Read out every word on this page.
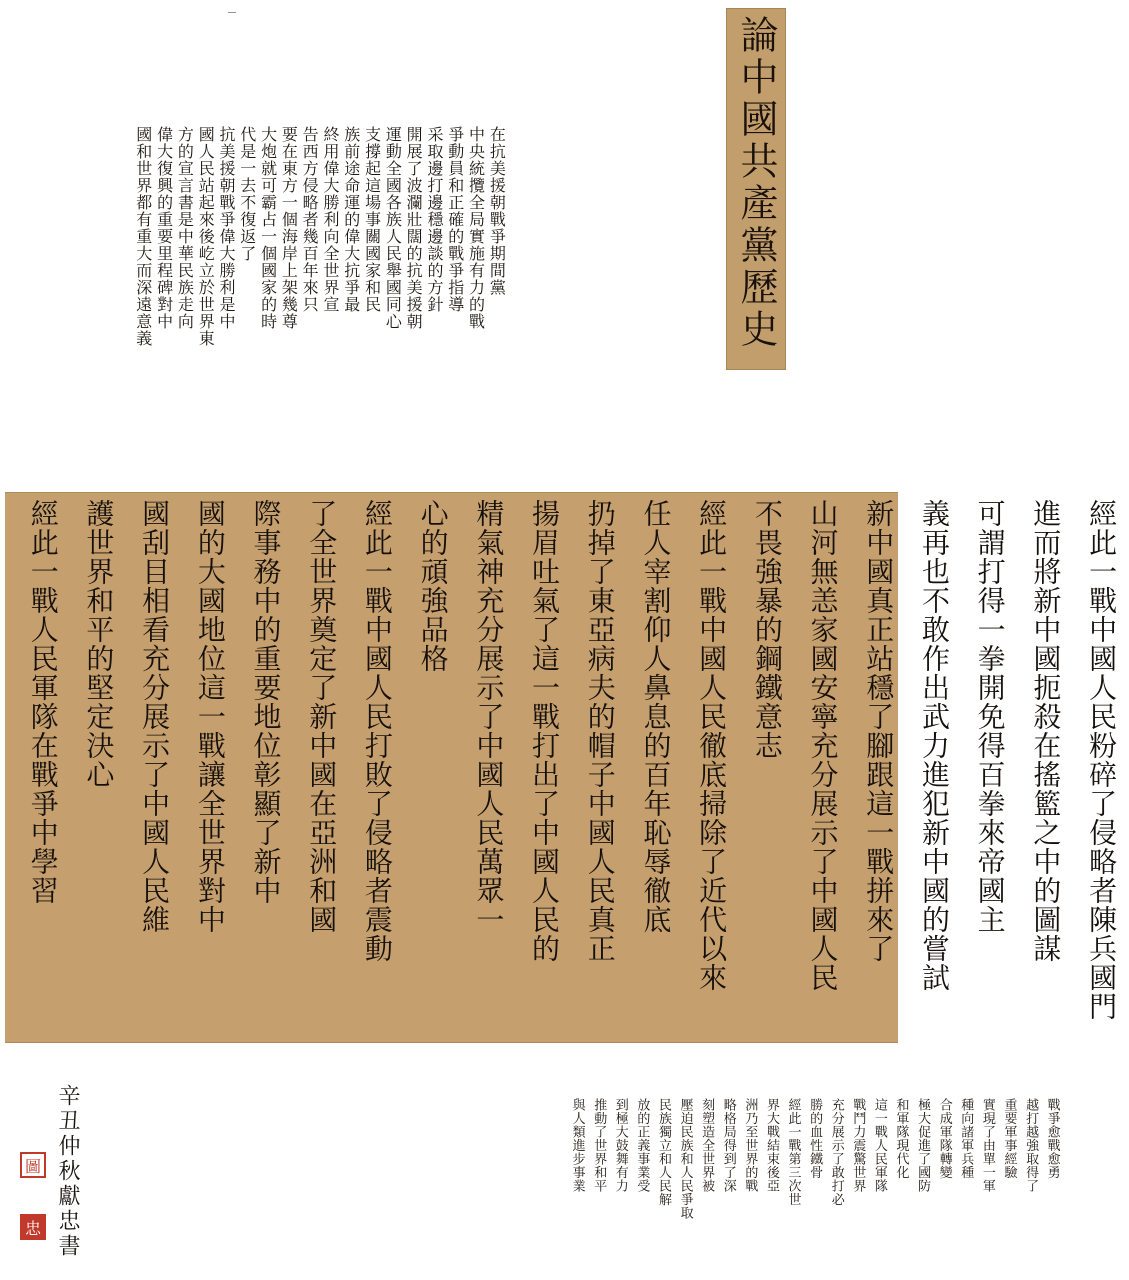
論中國共產黨歷史
在抗美援朝戰爭期間黨
中央統攬全局實施有力的戰
爭動員和正確的戰爭指導
采取邊打邊穩邊談的方針
開展了波瀾壯闊的抗美援朝
運動全國各族人民舉國同心
支撐起這場事關國家和民
族前途命運的偉大抗爭最
終用偉大勝利向全世界宣
告西方侵略者幾百年來只
要在東方一個海岸上架幾尊
大炮就可霸占一個國家的時
代是一去不復返了
抗美援朝戰爭偉大勝利是中
國人民站起來後屹立於世界東
方的宣言書是中華民族走向
偉大復興的重要里程碑對中
國和世界都有重大而深遠意義
經此一戰中國人民粉碎了侵略者陳兵國門
進而將新中國扼殺在搖籃之中的圖謀
可謂打得一拳開免得百拳來帝國主
義再也不敢作出武力進犯新中國的嘗試
新中國真正站穩了腳跟這一戰拼來了
山河無恙家國安寧充分展示了中國人民
不畏強暴的鋼鐵意志
經此一戰中國人民徹底掃除了近代以來
任人宰割仰人鼻息的百年恥辱徹底
扔掉了東亞病夫的帽子中國人民真正
揚眉吐氣了這一戰打出了中國人民的
精氣神充分展示了中國人民萬眾一
心的頑強品格
經此一戰中國人民打敗了侵略者震動
了全世界奠定了新中國在亞洲和國
際事務中的重要地位彰顯了新中
國的大國地位這一戰讓全世界對中
國刮目相看充分展示了中國人民維
護世界和平的堅定決心
經此一戰人民軍隊在戰爭中學習
戰爭愈戰愈勇
越打越強取得了
重要軍事經驗
實現了由單一軍
種向諸軍兵種
合成軍隊轉變
極大促進了國防
和軍隊現代化
這一戰人民軍隊
戰鬥力震驚世界
充分展示了敢打必
勝的血性鐵骨
經此一戰第三次世
界大戰結束後亞
洲乃至世界的戰
略格局得到了深
刻塑造全世界被
壓迫民族和人民爭取
民族獨立和人民解
放的正義事業受
到極大鼓舞有力
推動了世界和平
與人類進步事業
辛丑仲秋獻忠書
圖
忠
